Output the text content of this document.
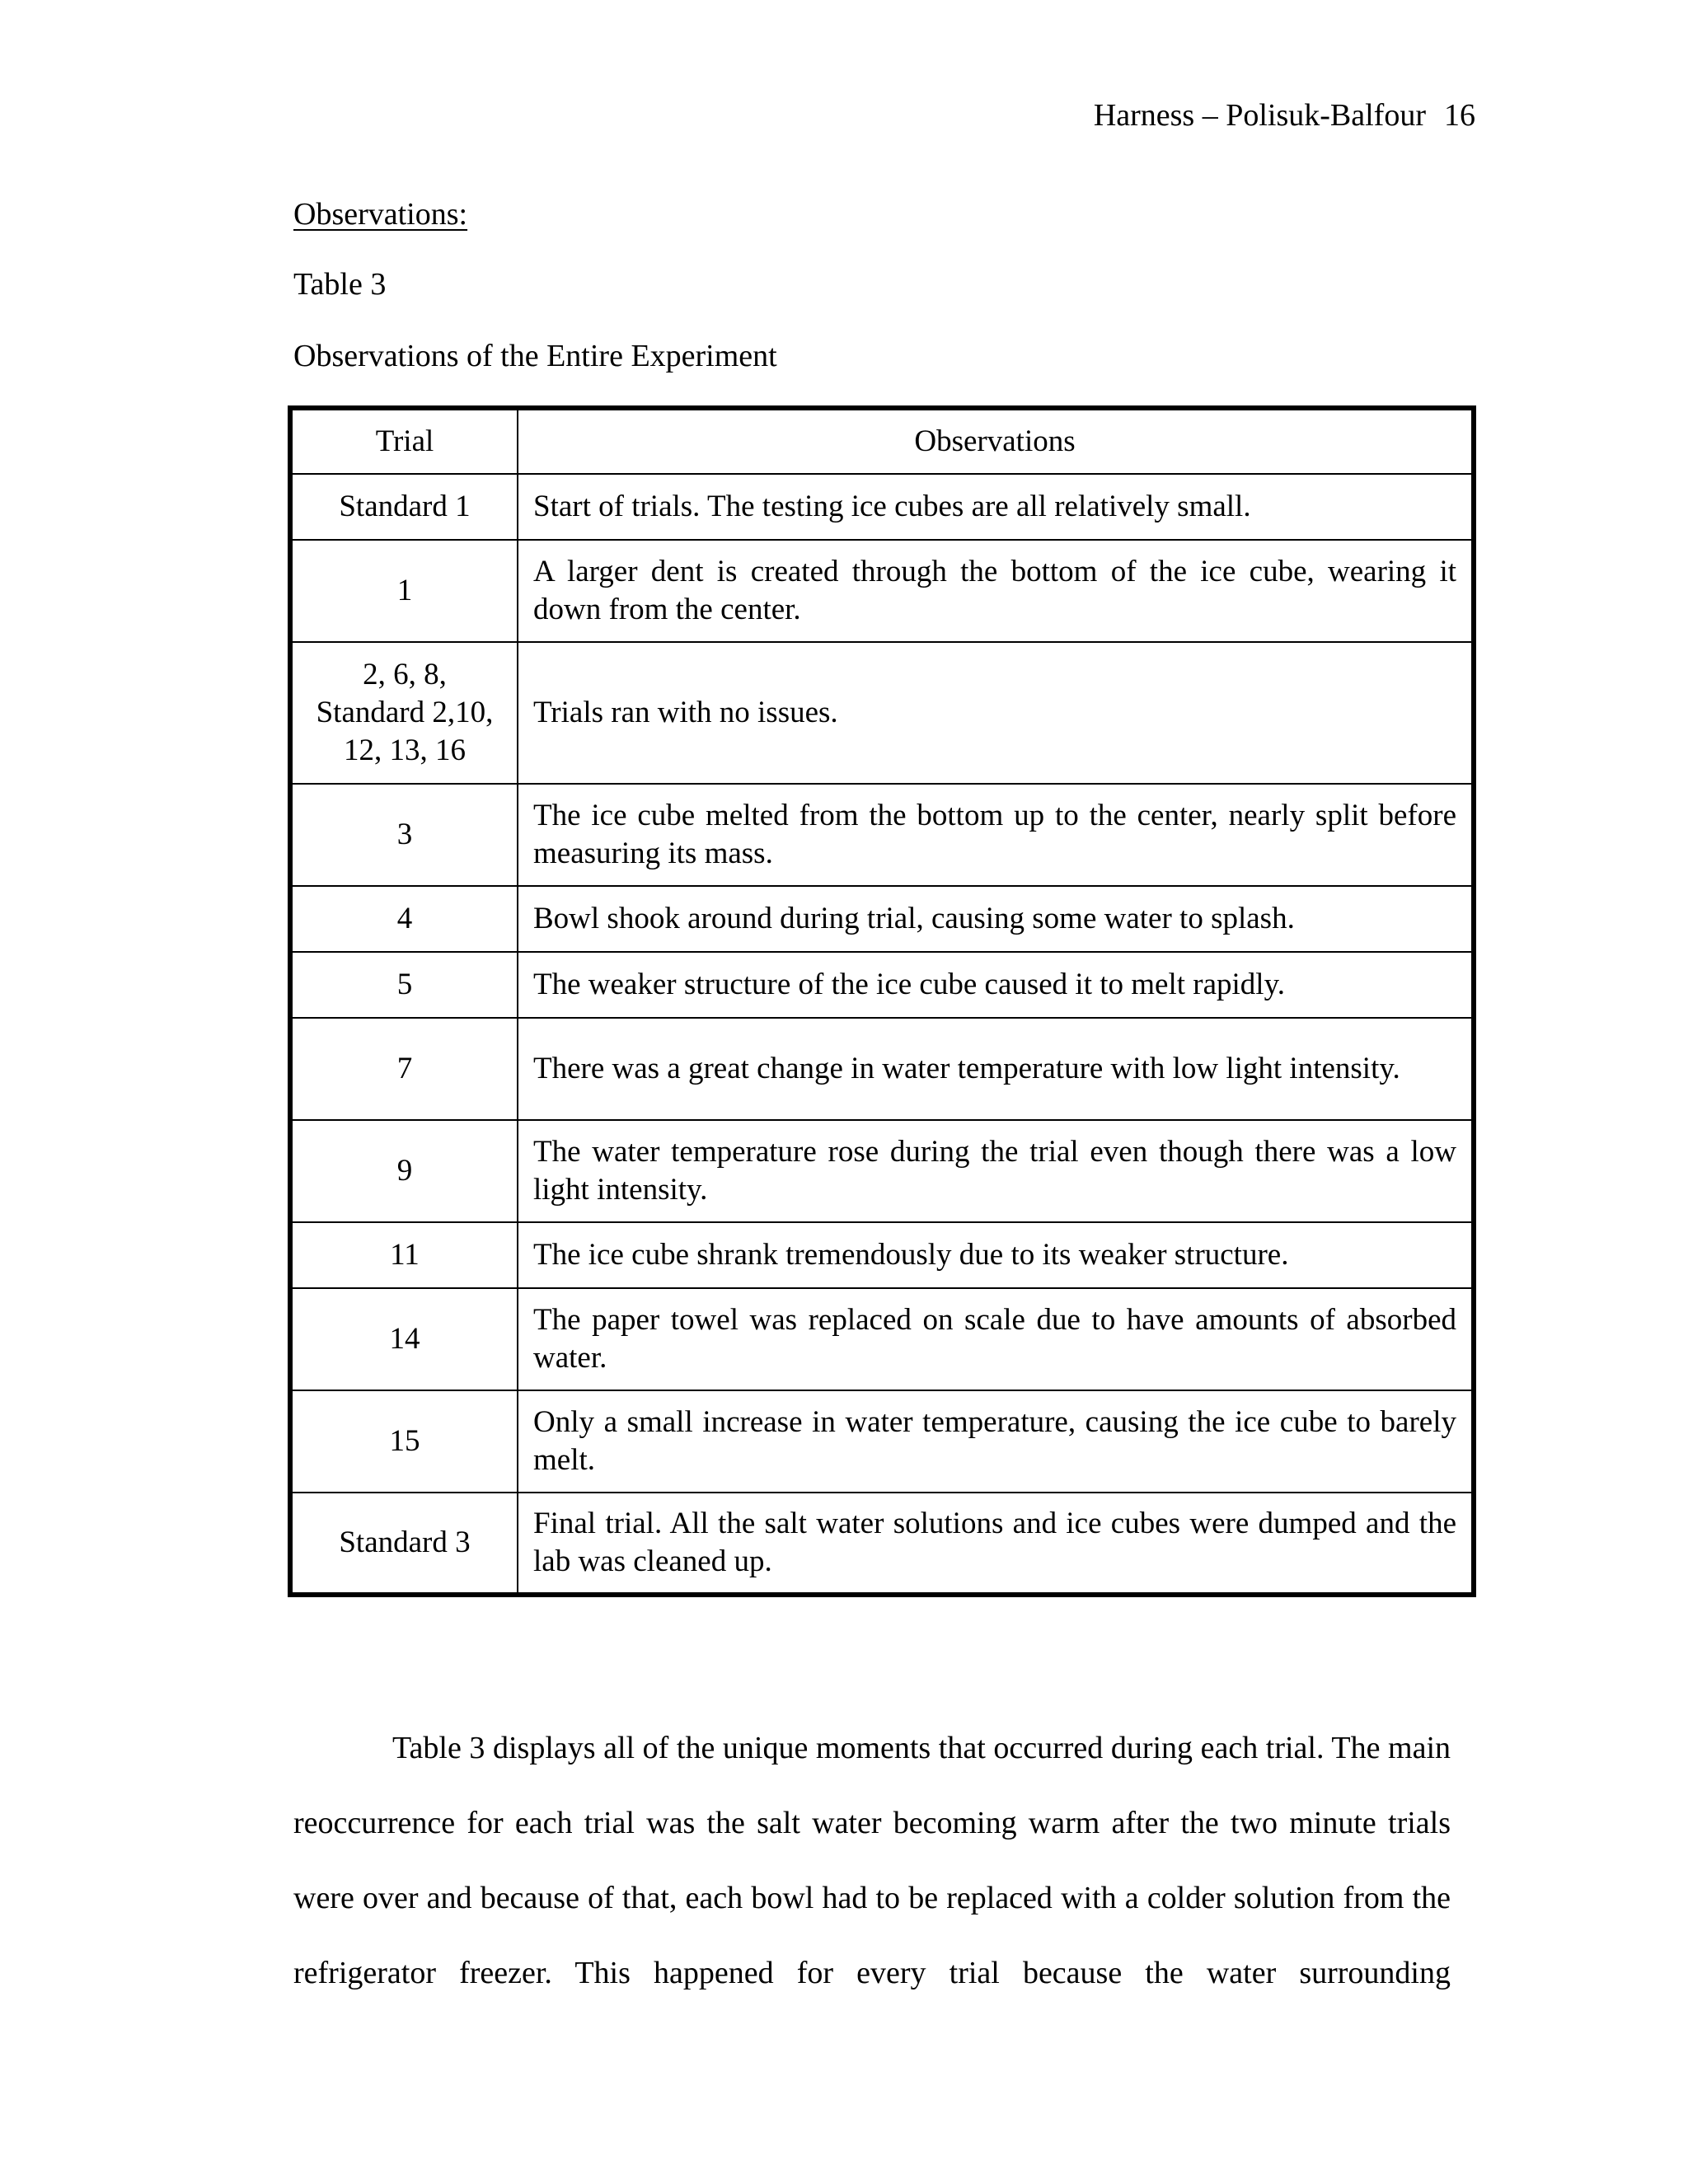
Harness – Polisuk-Balfour 16
Observations:
Table 3
Observations of the Entire Experiment
Trial	Observations
Standard 1	Start of trials. The testing ice cubes are all relatively small.
1	A larger dent is created through the bottom of the ice cube, wearing it down from the center.
2, 6, 8, Standard 2,10, 12, 13, 16	Trials ran with no issues.
3	The ice cube melted from the bottom up to the center, nearly split before measuring its mass.
4	Bowl shook around during trial, causing some water to splash.
5	The weaker structure of the ice cube caused it to melt rapidly.
7	There was a great change in water temperature with low light intensity.
9	The water temperature rose during the trial even though there was a low light intensity.
11	The ice cube shrank tremendously due to its weaker structure.
14	The paper towel was replaced on scale due to have amounts of absorbed water.
15	Only a small increase in water temperature, causing the ice cube to barely melt.
Standard 3	Final trial. All the salt water solutions and ice cubes were dumped and the lab was cleaned up.

Table 3 displays all of the unique moments that occurred during each trial. The main reoccurrence for each trial was the salt water becoming warm after the two minute trials were over and because of that, each bowl had to be replaced with a colder solution from the refrigerator freezer. This happened for every trial because the water surrounding
